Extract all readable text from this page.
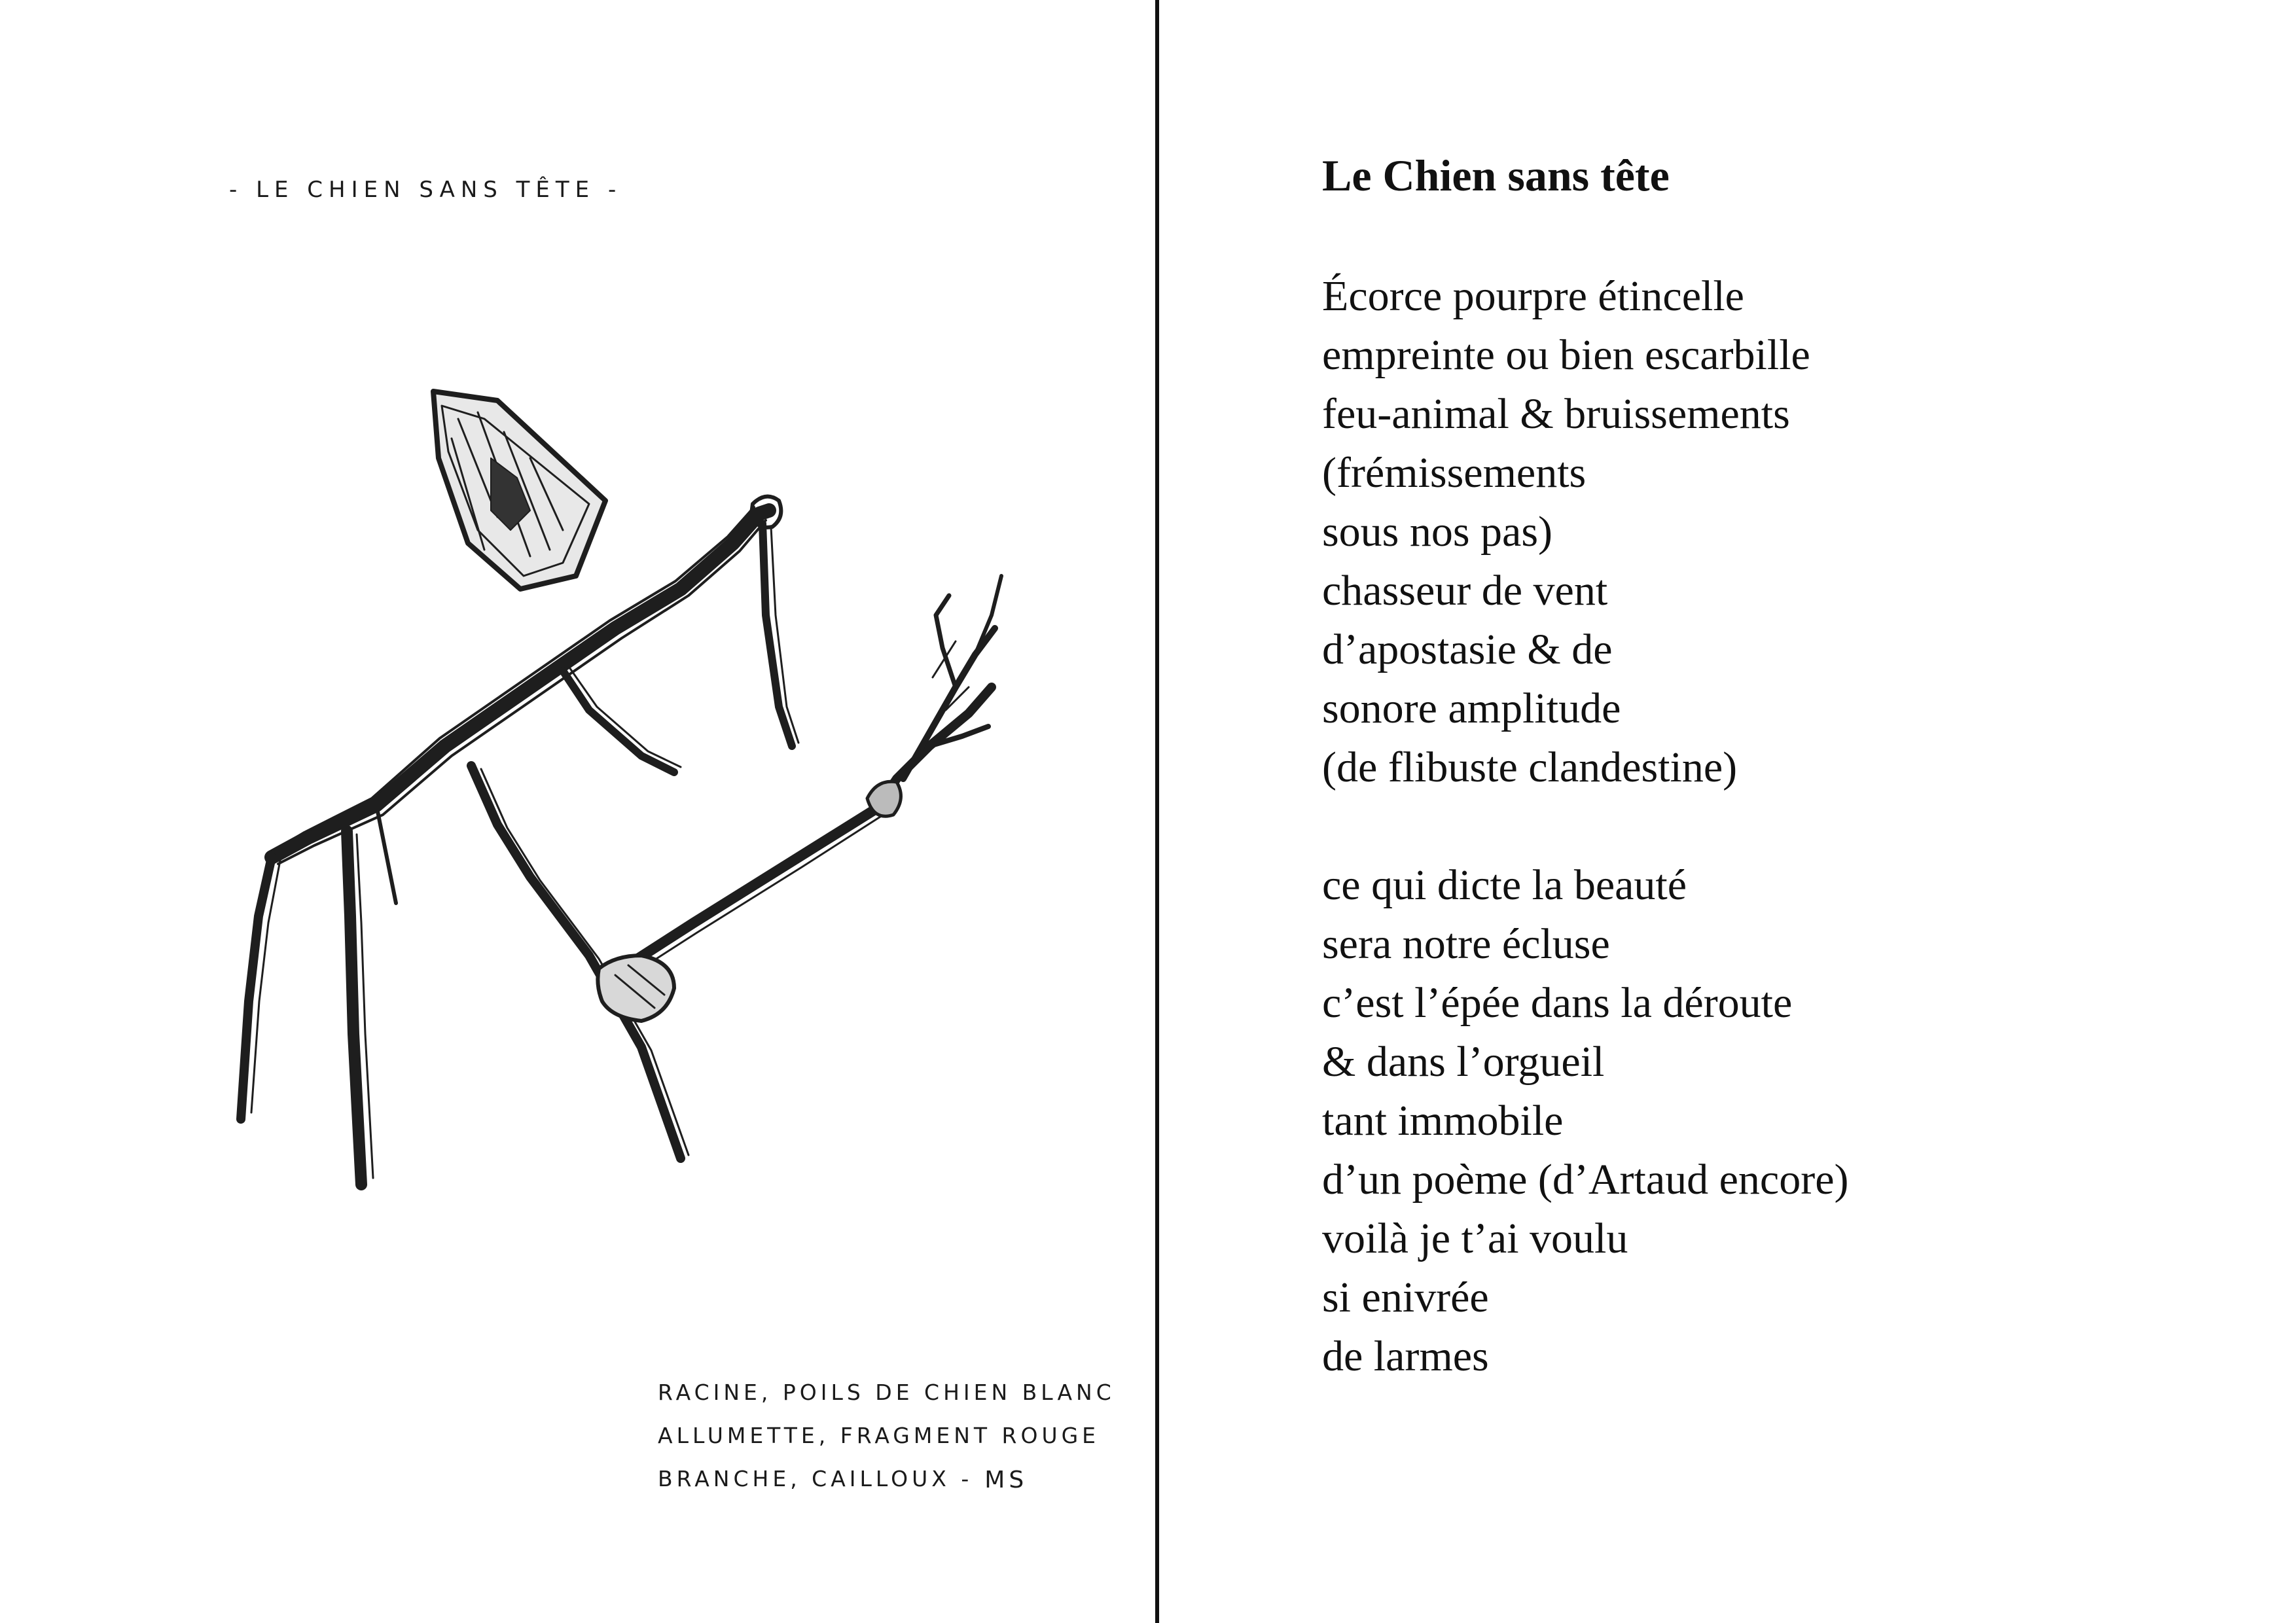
- LE CHIEN SANS TÊTE -
RACINE, POILS DE CHIEN BLANC
ALLUMETTE, FRAGMENT ROUGE
BRANCHE, CAILLOUX - MS
Le Chien sans tête
Écorce pourpre étincelle
empreinte ou bien escarbille
feu-animal & bruissements
(frémissements
sous nos pas)
chasseur de vent
d’apostasie & de
sonore amplitude
(de flibuste clandestine)
ce qui dicte la beauté
sera notre écluse
c’est l’épée dans la déroute
& dans l’orgueil
tant immobile
d’un poème (d’Artaud encore)
voilà je t’ai voulu
si enivrée
de larmes
